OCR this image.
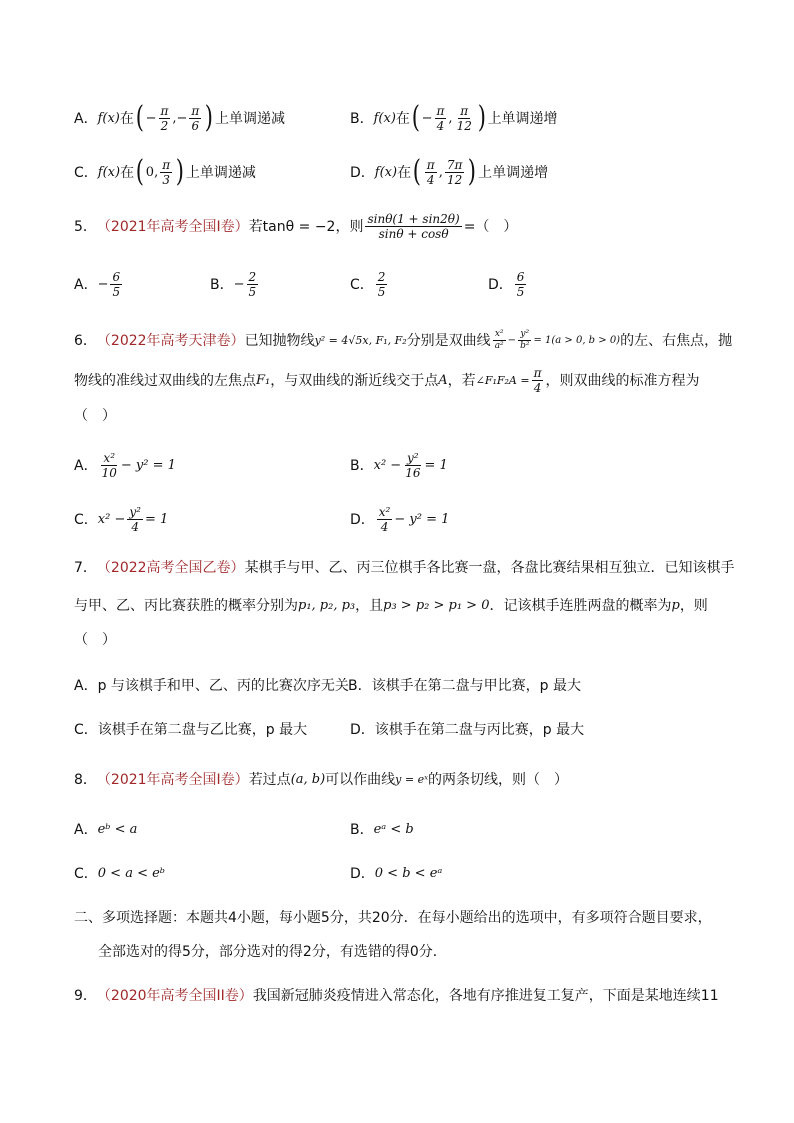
A． f(x) 在 ( − $\frac{\pi}{2}$ ,− $\frac{\pi}{6}$ ) 上单调递减	B． f(x) 在 ( − $\frac{\pi}{4}$ , $\frac{\pi}{12}$ ) 上单调递增
C． f(x) 在 ( 0 , $\frac{\pi}{3}$ ) 上单调递减	D． f(x) 在 ( $\frac{\pi}{4}$ , $\frac{7\pi}{12}$ ) 上单调递增
5． （2021年高考全国I卷） 若tanθ = −2，则 $\frac{\sin\theta(1 + \sin 2\theta)}{\sin\theta + \cos\theta}$ =（　）
A． − $\frac{6}{5}$	B． − $\frac{2}{5}$	C． $\frac{2}{5}$	D． $\frac{6}{5}$
6． （2022年高考天津卷） 已知抛物线 y² = 4√5x, F₁, F₂ 分别是双曲线 $\frac{\text{x²}}{\text{a²}} - \frac{\text{y²}}{\text{b²}} = 1(a > 0$, b > 0) 的左、右焦点，抛
物线的准线过双曲线的左焦点 F₁ ，与双曲线的渐近线交于点 A ，若 ∠F₁F₂A = $\frac{\pi}{4}$ ，则双曲线的标准方程为
（　）
A． $\frac{\text{x²}}{10} - y^2 = 1$	B． $x^2 - \frac{\text{y²}}{16} = 1$
C． $x^2 - \frac{\text{y²}}{4} = 1$	D． $\frac{\text{x²}}{4} - y^2 = 1$
7． （2022高考全国乙卷） 某棋手与甲、乙、丙三位棋手各比赛一盘，各盘比赛结果相互独立．已知该棋手
与甲、乙、丙比赛获胜的概率分别为 p₁, p₂, p₃ ，且 p₃ > p₂ > p₁ > 0 ．记该棋手连胜两盘的概率为 p ，则
（　）
A．p 与该棋手和甲、乙、丙的比赛次序无关 B．该棋手在第二盘与甲比赛，p 最大
C．该棋手在第二盘与乙比赛，p 最大	D．该棋手在第二盘与丙比赛，p 最大
8． （2021年高考全国I卷） 若过点 (a, b) 可以作曲线 y = eˣ 的两条切线，则（　）
A． eᵇ < a	B． eᵃ < b
C． 0 < a < eᵇ	D． 0 < b < eᵃ
二、多项选择题：本题共4小题，每小题5分，共20分．在每小题给出的选项中，有多项符合题目要求，
全部选对的得5分，部分选对的得2分，有选错的得0分．
9． （2020年高考全国II卷） 我国新冠肺炎疫情进入常态化，各地有序推进复工复产，下面是某地连续11
